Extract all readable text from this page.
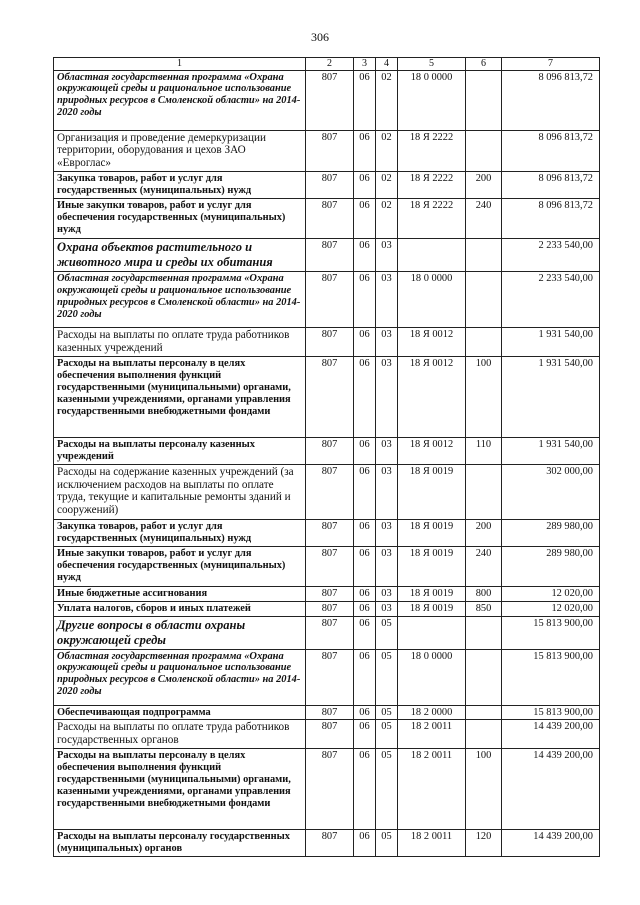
306
1	2	3	4	5	6	7
Областная государственная программа «Охрана окружающей среды и рациональное использование природных ресурсов в Смоленской области» на 2014-2020 годы	807	06	02	18 0 0000		8 096 813,72
Организация и проведение демеркуризации территории, оборудования и цехов ЗАО «Евроглас»	807	06	02	18 Я 2222		8 096 813,72
Закупка товаров, работ и услуг для государственных (муниципальных) нужд	807	06	02	18 Я 2222	200	8 096 813,72
Иные закупки товаров, работ и услуг для обеспечения государственных (муниципальных) нужд	807	06	02	18 Я 2222	240	8 096 813,72
Охрана объектов растительного и животного мира и среды их обитания	807	06	03			2 233 540,00
Областная государственная программа «Охрана окружающей среды и рациональное использование природных ресурсов в Смоленской области» на 2014-2020 годы	807	06	03	18 0 0000		2 233 540,00
Расходы на выплаты по оплате труда работников казенных учреждений	807	06	03	18 Я 0012		1 931 540,00
Расходы на выплаты персоналу в целях обеспечения выполнения функций государственными (муниципальными) органами, казенными учреждениями, органами управления государственными внебюджетными фондами	807	06	03	18 Я 0012	100	1 931 540,00
Расходы на выплаты персоналу казенных учреждений	807	06	03	18 Я 0012	110	1 931 540,00
Расходы на содержание казенных учреждений (за исключением расходов на выплаты по оплате труда, текущие и капитальные ремонты зданий и сооружений)	807	06	03	18 Я 0019		302 000,00
Закупка товаров, работ и услуг для государственных (муниципальных) нужд	807	06	03	18 Я 0019	200	289 980,00
Иные закупки товаров, работ и услуг для обеспечения государственных (муниципальных) нужд	807	06	03	18 Я 0019	240	289 980,00
Иные бюджетные ассигнования	807	06	03	18 Я 0019	800	12 020,00
Уплата налогов, сборов и иных платежей	807	06	03	18 Я 0019	850	12 020,00
Другие вопросы в области охраны окружающей среды	807	06	05			15 813 900,00
Областная государственная программа «Охрана окружающей среды и рациональное использование природных ресурсов в Смоленской области» на 2014-2020 годы	807	06	05	18 0 0000		15 813 900,00
Обеспечивающая подпрограмма	807	06	05	18 2 0000		15 813 900,00
Расходы на выплаты по оплате труда работников государственных органов	807	06	05	18 2 0011		14 439 200,00
Расходы на выплаты персоналу в целях обеспечения выполнения функций государственными (муниципальными) органами, казенными учреждениями, органами управления государственными внебюджетными фондами	807	06	05	18 2 0011	100	14 439 200,00
Расходы на выплаты персоналу государственных (муниципальных) органов	807	06	05	18 2 0011	120	14 439 200,00
